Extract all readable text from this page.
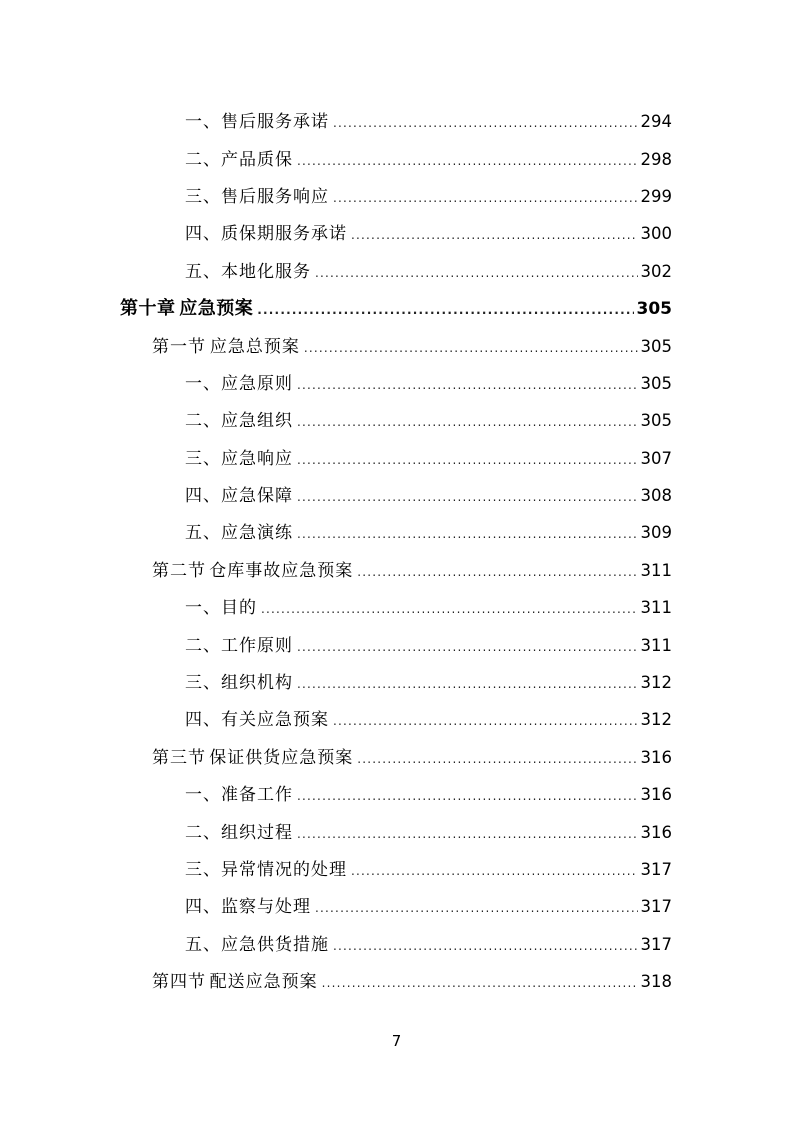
一、 售后服务承诺 .....	294
二、 产品质保 .....	298
三、 售后服务响应 .....	299
四、 质保期服务承诺 .....	300
五、 本地化服务 .....	302
第十章 应急预案 .....	305
第一节 应急总预案 .....	305
一、 应急原则 .....	305
二、 应急组织 .....	305
三、 应急响应 .....	307
四、 应急保障 .....	308
五、 应急演练 .....	309
第二节 仓库事故应急预案 .....	311
一、 目的 .....	311
二、 工作原则 .....	311
三、 组织机构 .....	312
四、 有关应急预案 .....	312
第三节 保证供货应急预案 .....	316
一、 准备工作 .....	316
二、 组织过程 .....	316
三、 异常情况的处理 .....	317
四、 监察与处理 .....	317
五、 应急供货措施 .....	317
第四节 配送应急预案 .....	318
7
